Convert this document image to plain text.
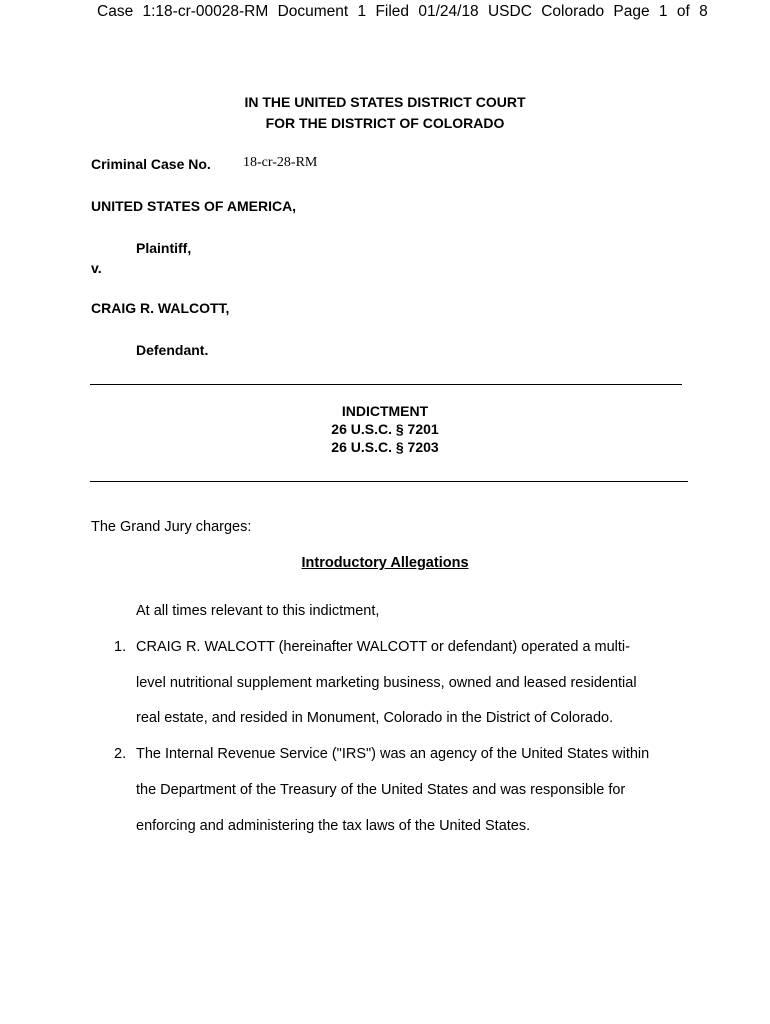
Case 1:18-cr-00028-RM Document 1 Filed 01/24/18 USDC Colorado Page 1 of 8
IN THE UNITED STATES DISTRICT COURT
FOR THE DISTRICT OF COLORADO
Criminal Case No. 18-cr-28-RM
UNITED STATES OF AMERICA,
Plaintiff,
v.
CRAIG R. WALCOTT,
Defendant.
INDICTMENT
26 U.S.C. § 7201
26 U.S.C. § 7203
The Grand Jury charges:
Introductory Allegations
At all times relevant to this indictment,
1. CRAIG R. WALCOTT (hereinafter WALCOTT or defendant) operated a multi-
level nutritional supplement marketing business, owned and leased residential
real estate, and resided in Monument, Colorado in the District of Colorado.
2. The Internal Revenue Service ("IRS") was an agency of the United States within
the Department of the Treasury of the United States and was responsible for
enforcing and administering the tax laws of the United States.
